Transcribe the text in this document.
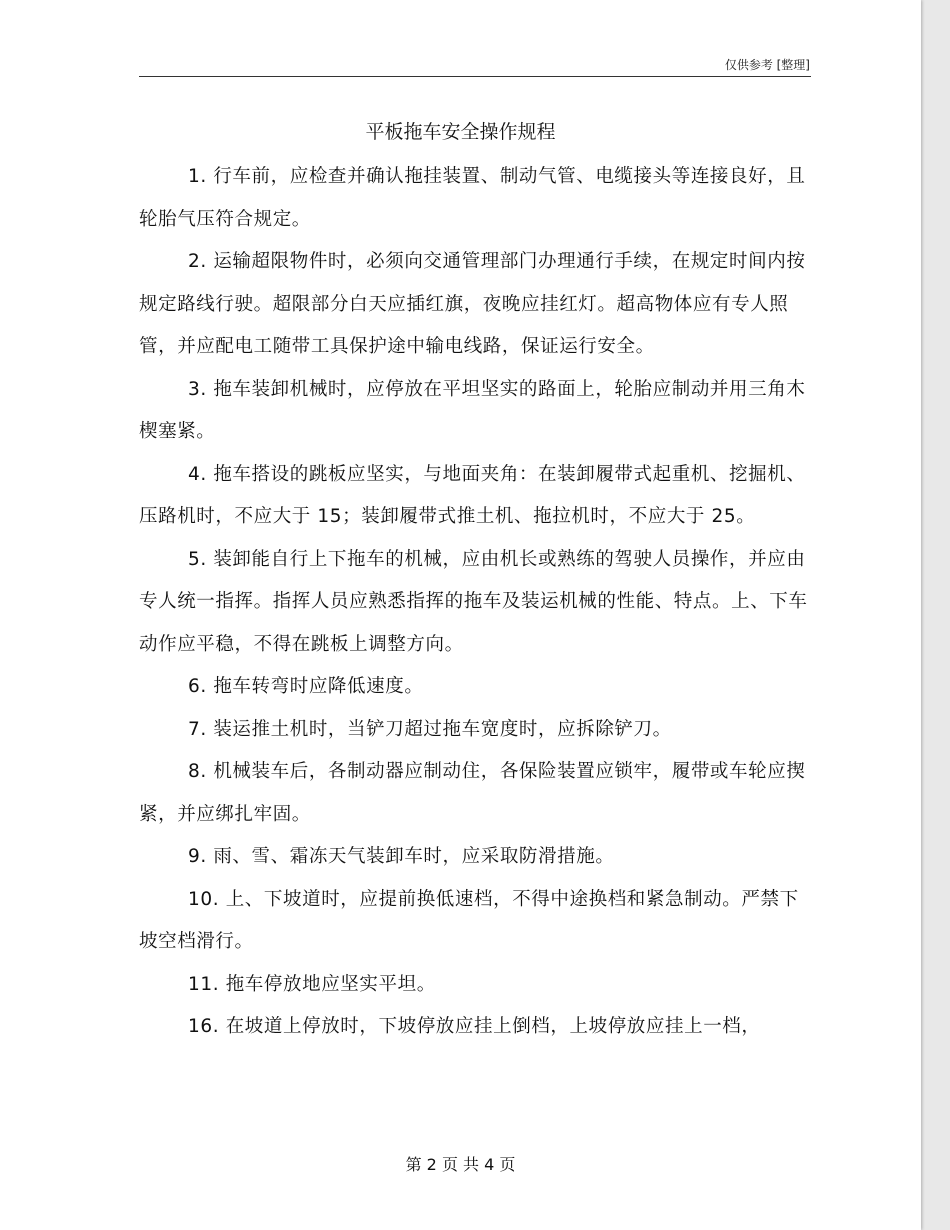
仅供参考 [整理]
平板拖车安全操作规程

1. 行车前，应检查并确认拖挂装置、制动气管、电缆接头等连接良好，且轮胎气压符合规定。

2. 运输超限物件时，必须向交通管理部门办理通行手续，在规定时间内按规定路线行驶。超限部分白天应插红旗，夜晚应挂红灯。超高物体应有专人照管，并应配电工随带工具保护途中输电线路，保证运行安全。

3. 拖车装卸机械时，应停放在平坦坚实的路面上，轮胎应制动并用三角木楔塞紧。

4. 拖车搭设的跳板应坚实，与地面夹角：在装卸履带式起重机、挖掘机、压路机时，不应大于 15；装卸履带式推土机、拖拉机时，不应大于 25。

5. 装卸能自行上下拖车的机械，应由机长或熟练的驾驶人员操作，并应由专人统一指挥。指挥人员应熟悉指挥的拖车及装运机械的性能、特点。上、下车动作应平稳，不得在跳板上调整方向。

6. 拖车转弯时应降低速度。

7. 装运推土机时，当铲刀超过拖车宽度时，应拆除铲刀。

8. 机械装车后，各制动器应制动住，各保险装置应锁牢，履带或车轮应揳紧，并应绑扎牢固。

9. 雨、雪、霜冻天气装卸车时，应采取防滑措施。

10. 上、下坡道时，应提前换低速档，不得中途换档和紧急制动。严禁下坡空档滑行。

11. 拖车停放地应坚实平坦。

16. 在坡道上停放时，下坡停放应挂上倒档，上坡停放应挂上一档，

第 2 页 共 4 页
